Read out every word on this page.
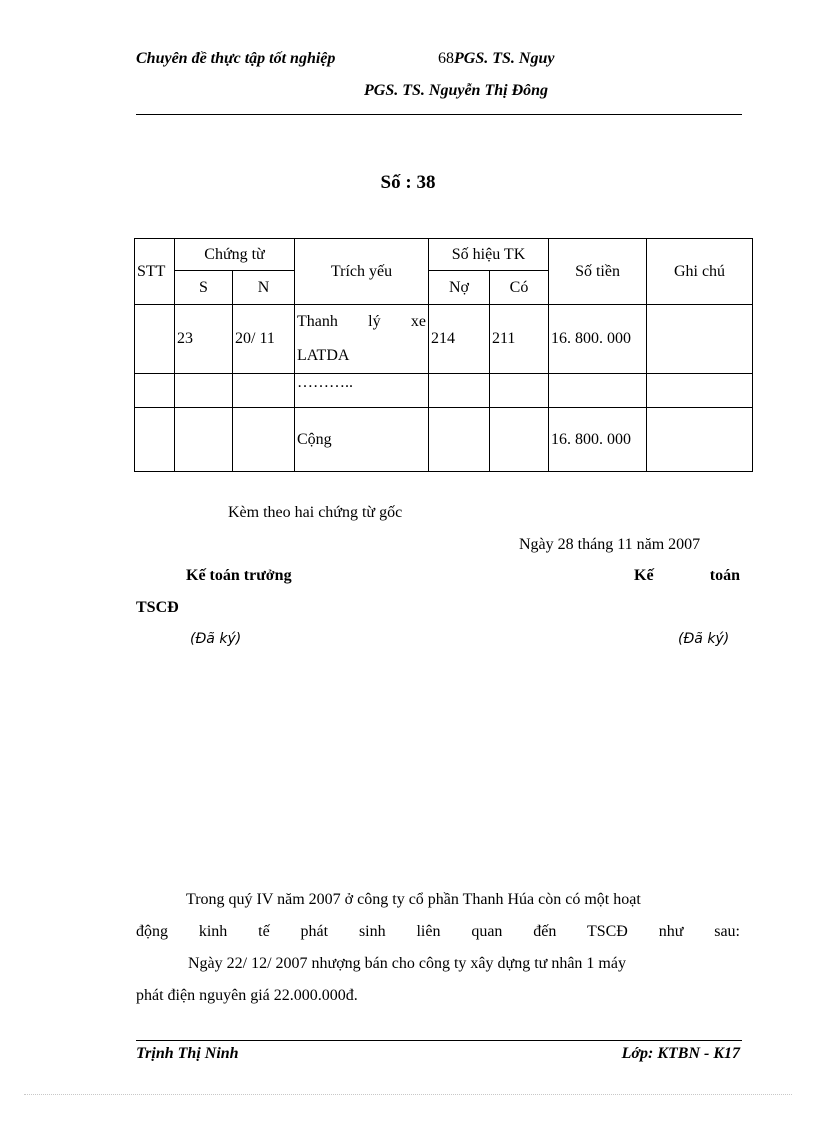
Chuyên đề thực tập tốt nghiệp	68PGS. TS. Nguy
PGS. TS. Nguyễn Thị Đông
Số : 38
STT	Chứng từ		Trích yếu	Số hiệu TK		Số tiền	Ghi chú
	S	N		Nợ	Có		
	23	20/ 11	Thanh lý xe LATDA	214	211	16. 800. 000	
			………..				
			Cộng			16. 800. 000	
Kèm theo hai chứng từ gốc
Ngày 28 tháng 11 năm 2007
Kế toán trưởng	Kế	toán
TSCĐ
(Đã ký)	(Đã ký)

Trong quý IV năm 2007 ở công ty cổ phần Thanh Húa còn có một hoạt

động kinh tế phát sinh liên quan đến TSCĐ như sau:

Ngày 22/ 12/ 2007 nhượng bán cho công ty xây dựng tư nhân 1 máy

phát điện nguyên giá 22.000.000đ.

Trịnh Thị Ninh	Lớp: KTBN - K17
